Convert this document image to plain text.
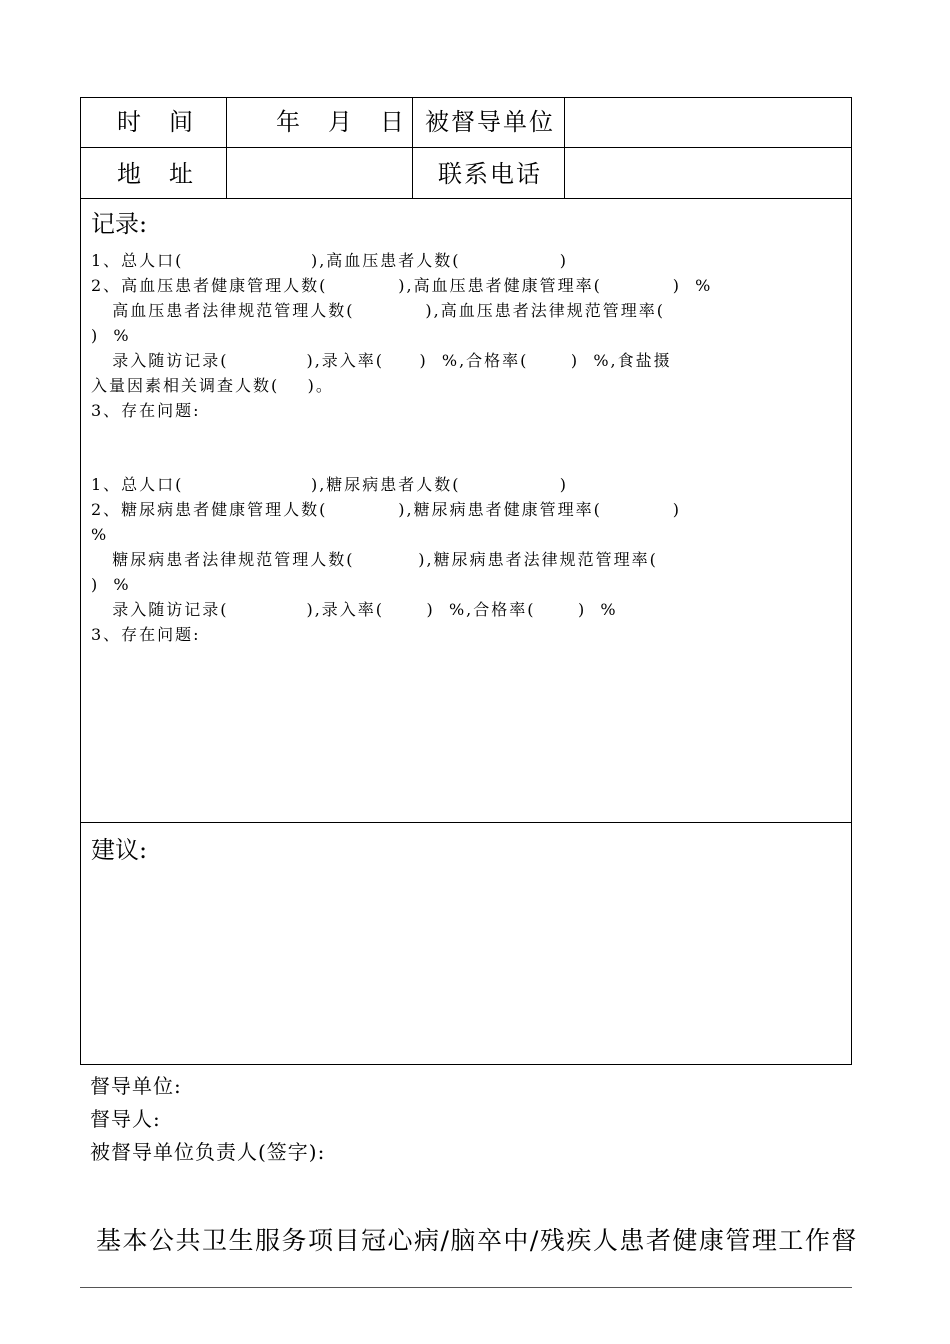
时　间	年　月　日 被督导单位
地　址	联系电话
记录:
1、总人口(                  ),高血压患者人数(              )
2、高血压患者健康管理人数(          ),高血压患者健康管理率(          )  %
高血压患者法律规范管理人数(          ),高血压患者法律规范管理率(
)  %
录入随访记录(           ),录入率(     )  %,合格率(      )  %,食盐摄
入量因素相关调查人数(    )。
3、存在问题:
1、总人口(                  ),糖尿病患者人数(              )
2、糖尿病患者健康管理人数(          ),糖尿病患者健康管理率(          )
%
糖尿病患者法律规范管理人数(         ),糖尿病患者法律规范管理率(
)  %
录入随访记录(           ),录入率(      )  %,合格率(      )  %
3、存在问题:
建议:
督导单位:
督导人:
被督导单位负责人(签字):
基本公共卫生服务项目冠心病/脑卒中/残疾人患者健康管理工作督
